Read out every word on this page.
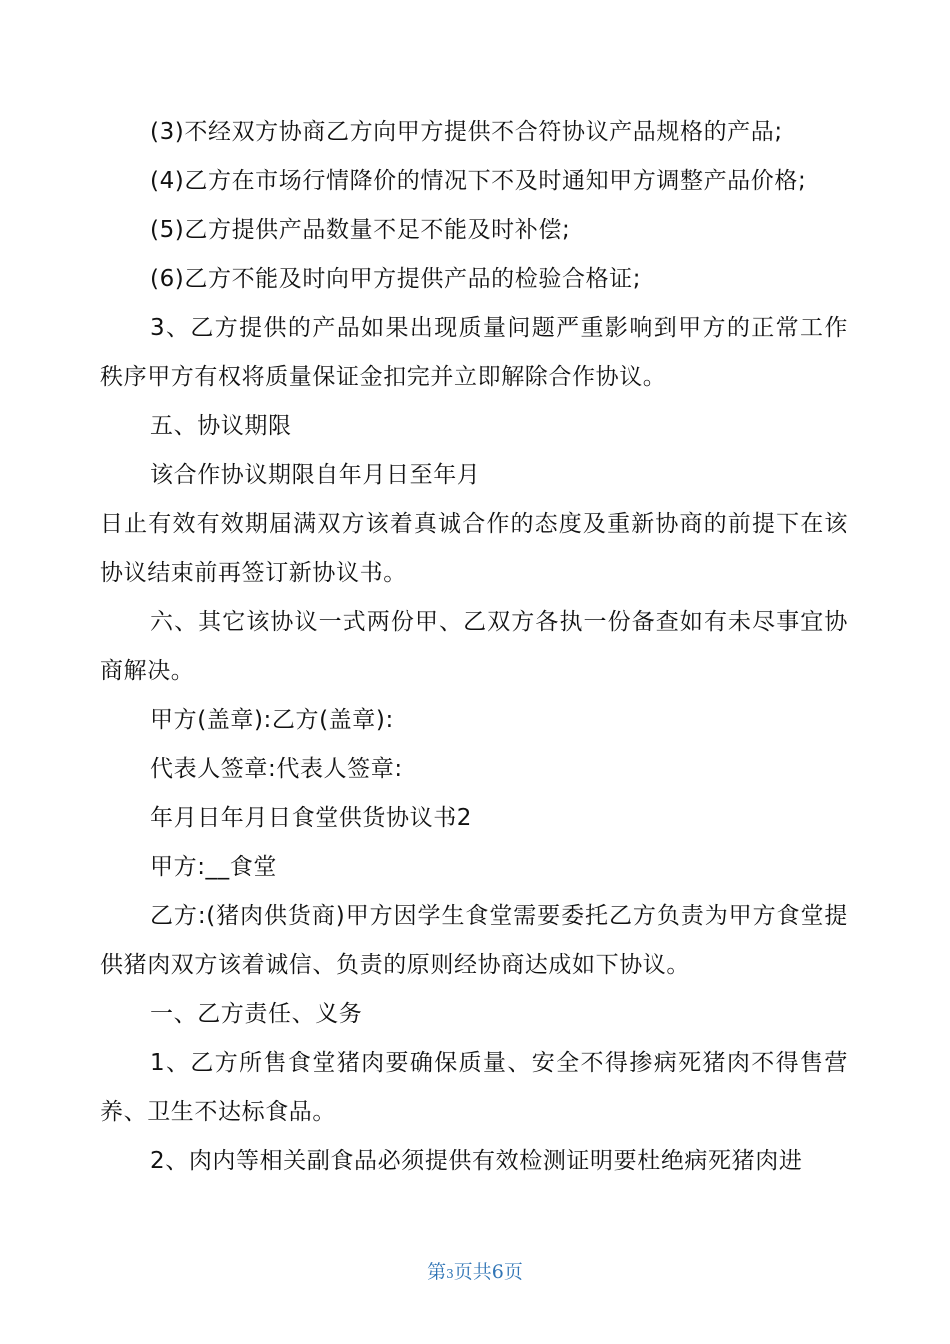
(3)不经双方协商乙方向甲方提供不合符协议产品规格的产品;

(4)乙方在市场行情降价的情况下不及时通知甲方调整产品价格;

(5)乙方提供产品数量不足不能及时补偿;

(6)乙方不能及时向甲方提供产品的检验合格证;

3、乙方提供的产品如果出现质量问题严重影响到甲方的正常工作秩序甲方有权将质量保证金扣完并立即解除合作协议。

五、协议期限

该合作协议期限自年月日至年月

日止有效有效期届满双方该着真诚合作的态度及重新协商的前提下在该协议结束前再签订新协议书。

六、其它该协议一式两份甲、乙双方各执一份备查如有未尽事宜协商解决。

甲方(盖章):乙方(盖章):

代表人签章:代表人签章:

年月日年月日食堂供货协议书2

甲方:__食堂

乙方:(猪肉供货商)甲方因学生食堂需要委托乙方负责为甲方食堂提供猪肉双方该着诚信、负责的原则经协商达成如下协议。

一、乙方责任、义务

1、乙方所售食堂猪肉要确保质量、安全不得掺病死猪肉不得售营养、卫生不达标食品。

2、肉内等相关副食品必须提供有效检测证明要杜绝病死猪肉进

第3页共6页
